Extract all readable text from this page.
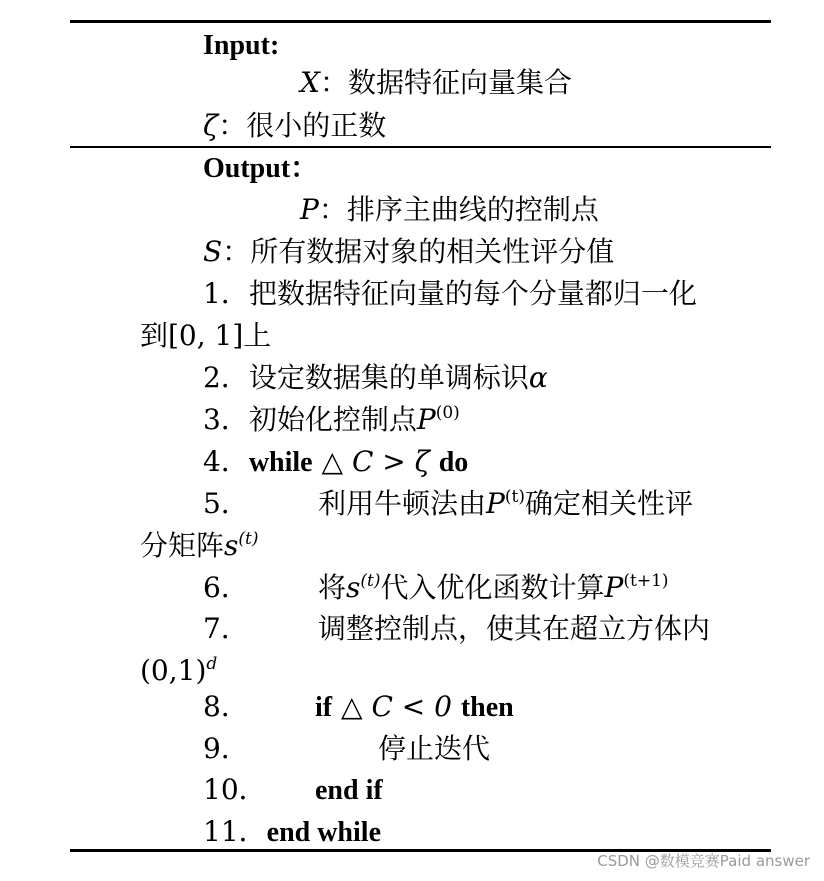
Input:
X：数据特征向量集合
ζ：很小的正数
Output：
P：排序主曲线的控制点
S：所有数据对象的相关性评分值
1．把数据特征向量的每个分量都归一化
到[0, 1]上
2．设定数据集的单调标识α
3．初始化控制点$P^{(0)}$
4．while △ C > ζ do
5． 利用牛顿法由$P^{(t)}$确定相关性评
分矩阵$s^{(t)}$
6． 将$s^{(t)}$代入优化函数计算$P^{(t+1)}$
7． 调整控制点，使其在超立方体内
$(0,1)^d$
8． if △ C < 0 then
9．	停止迭代
10． end if
11．end while
CSDN @数模竞赛Paid answer
